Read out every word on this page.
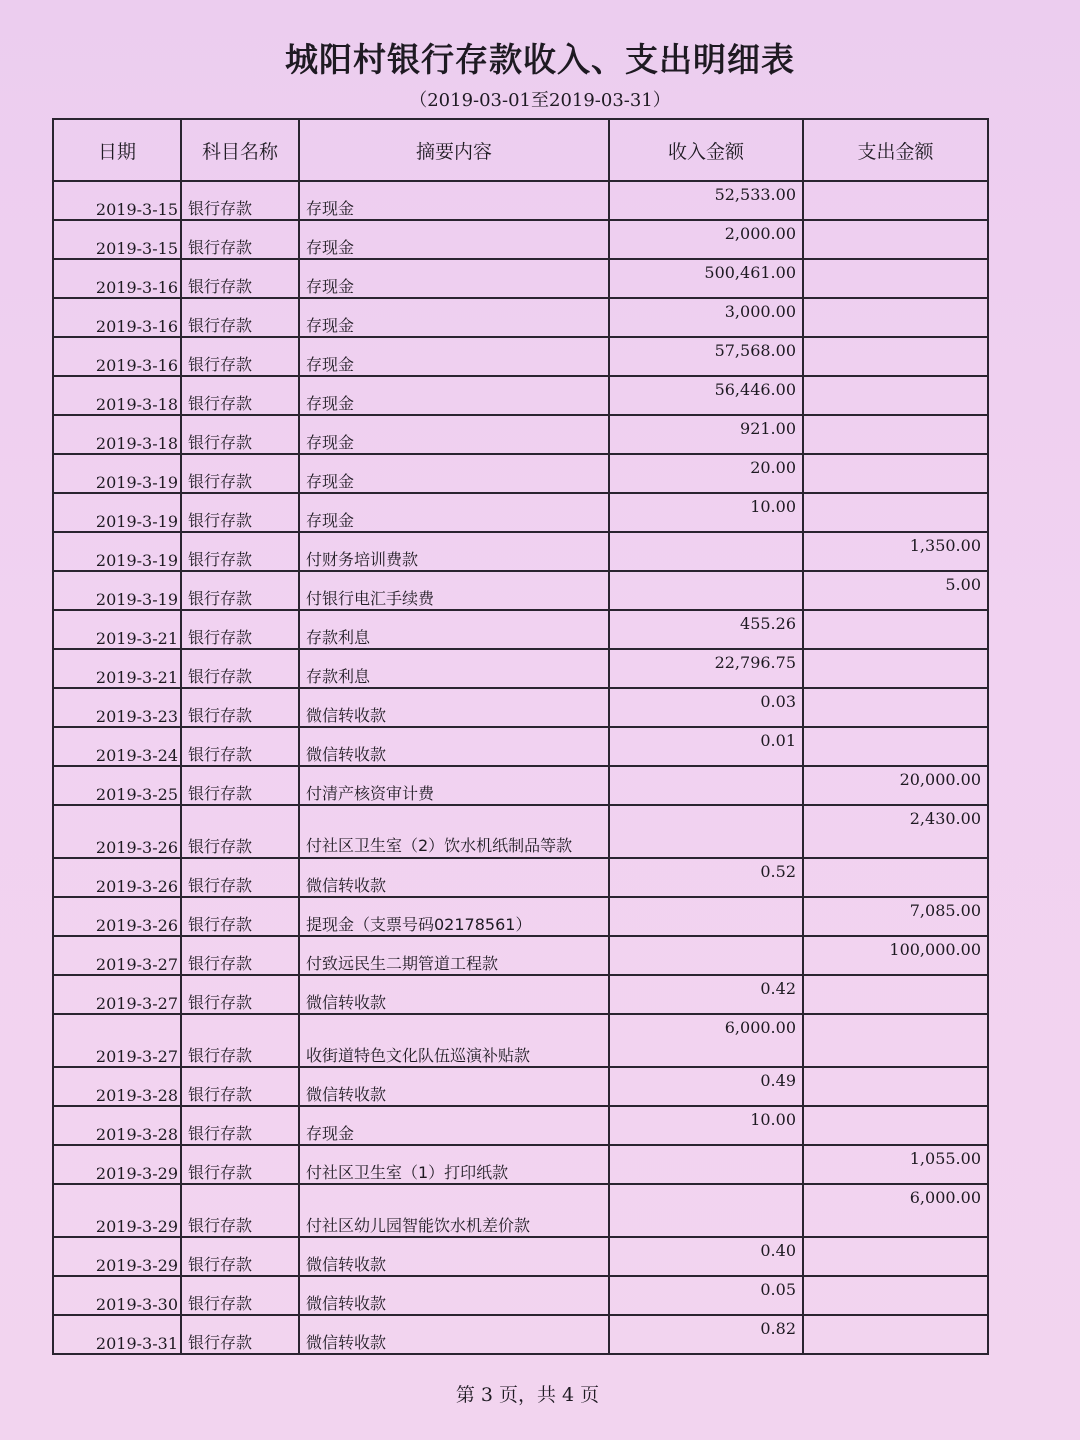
城阳村银行存款收入、支出明细表
（2019-03-01至2019-03-31）
日期	科目名称	摘要内容	收入金额	支出金额
2019-3-15	银行存款	存现金	52,533.00	
2019-3-15	银行存款	存现金	2,000.00	
2019-3-16	银行存款	存现金	500,461.00	
2019-3-16	银行存款	存现金	3,000.00	
2019-3-16	银行存款	存现金	57,568.00	
2019-3-18	银行存款	存现金	56,446.00	
2019-3-18	银行存款	存现金	921.00	
2019-3-19	银行存款	存现金	20.00	
2019-3-19	银行存款	存现金	10.00	
2019-3-19	银行存款	付财务培训费款		1,350.00
2019-3-19	银行存款	付银行电汇手续费		5.00
2019-3-21	银行存款	存款利息	455.26	
2019-3-21	银行存款	存款利息	22,796.75	
2019-3-23	银行存款	微信转收款	0.03	
2019-3-24	银行存款	微信转收款	0.01	
2019-3-25	银行存款	付清产核资审计费		20,000.00
2019-3-26	银行存款	付社区卫生室（2）饮水机纸制品等款		2,430.00
2019-3-26	银行存款	微信转收款	0.52	
2019-3-26	银行存款	提现金（支票号码02178561）		7,085.00
2019-3-27	银行存款	付致远民生二期管道工程款		100,000.00
2019-3-27	银行存款	微信转收款	0.42	
2019-3-27	银行存款	收街道特色文化队伍巡演补贴款	6,000.00	
2019-3-28	银行存款	微信转收款	0.49	
2019-3-28	银行存款	存现金	10.00	
2019-3-29	银行存款	付社区卫生室（1）打印纸款		1,055.00
2019-3-29	银行存款	付社区幼儿园智能饮水机差价款		6,000.00
2019-3-29	银行存款	微信转收款	0.40	
2019-3-30	银行存款	微信转收款	0.05	
2019-3-31	银行存款	微信转收款	0.82	
第 3 页，共 4 页
